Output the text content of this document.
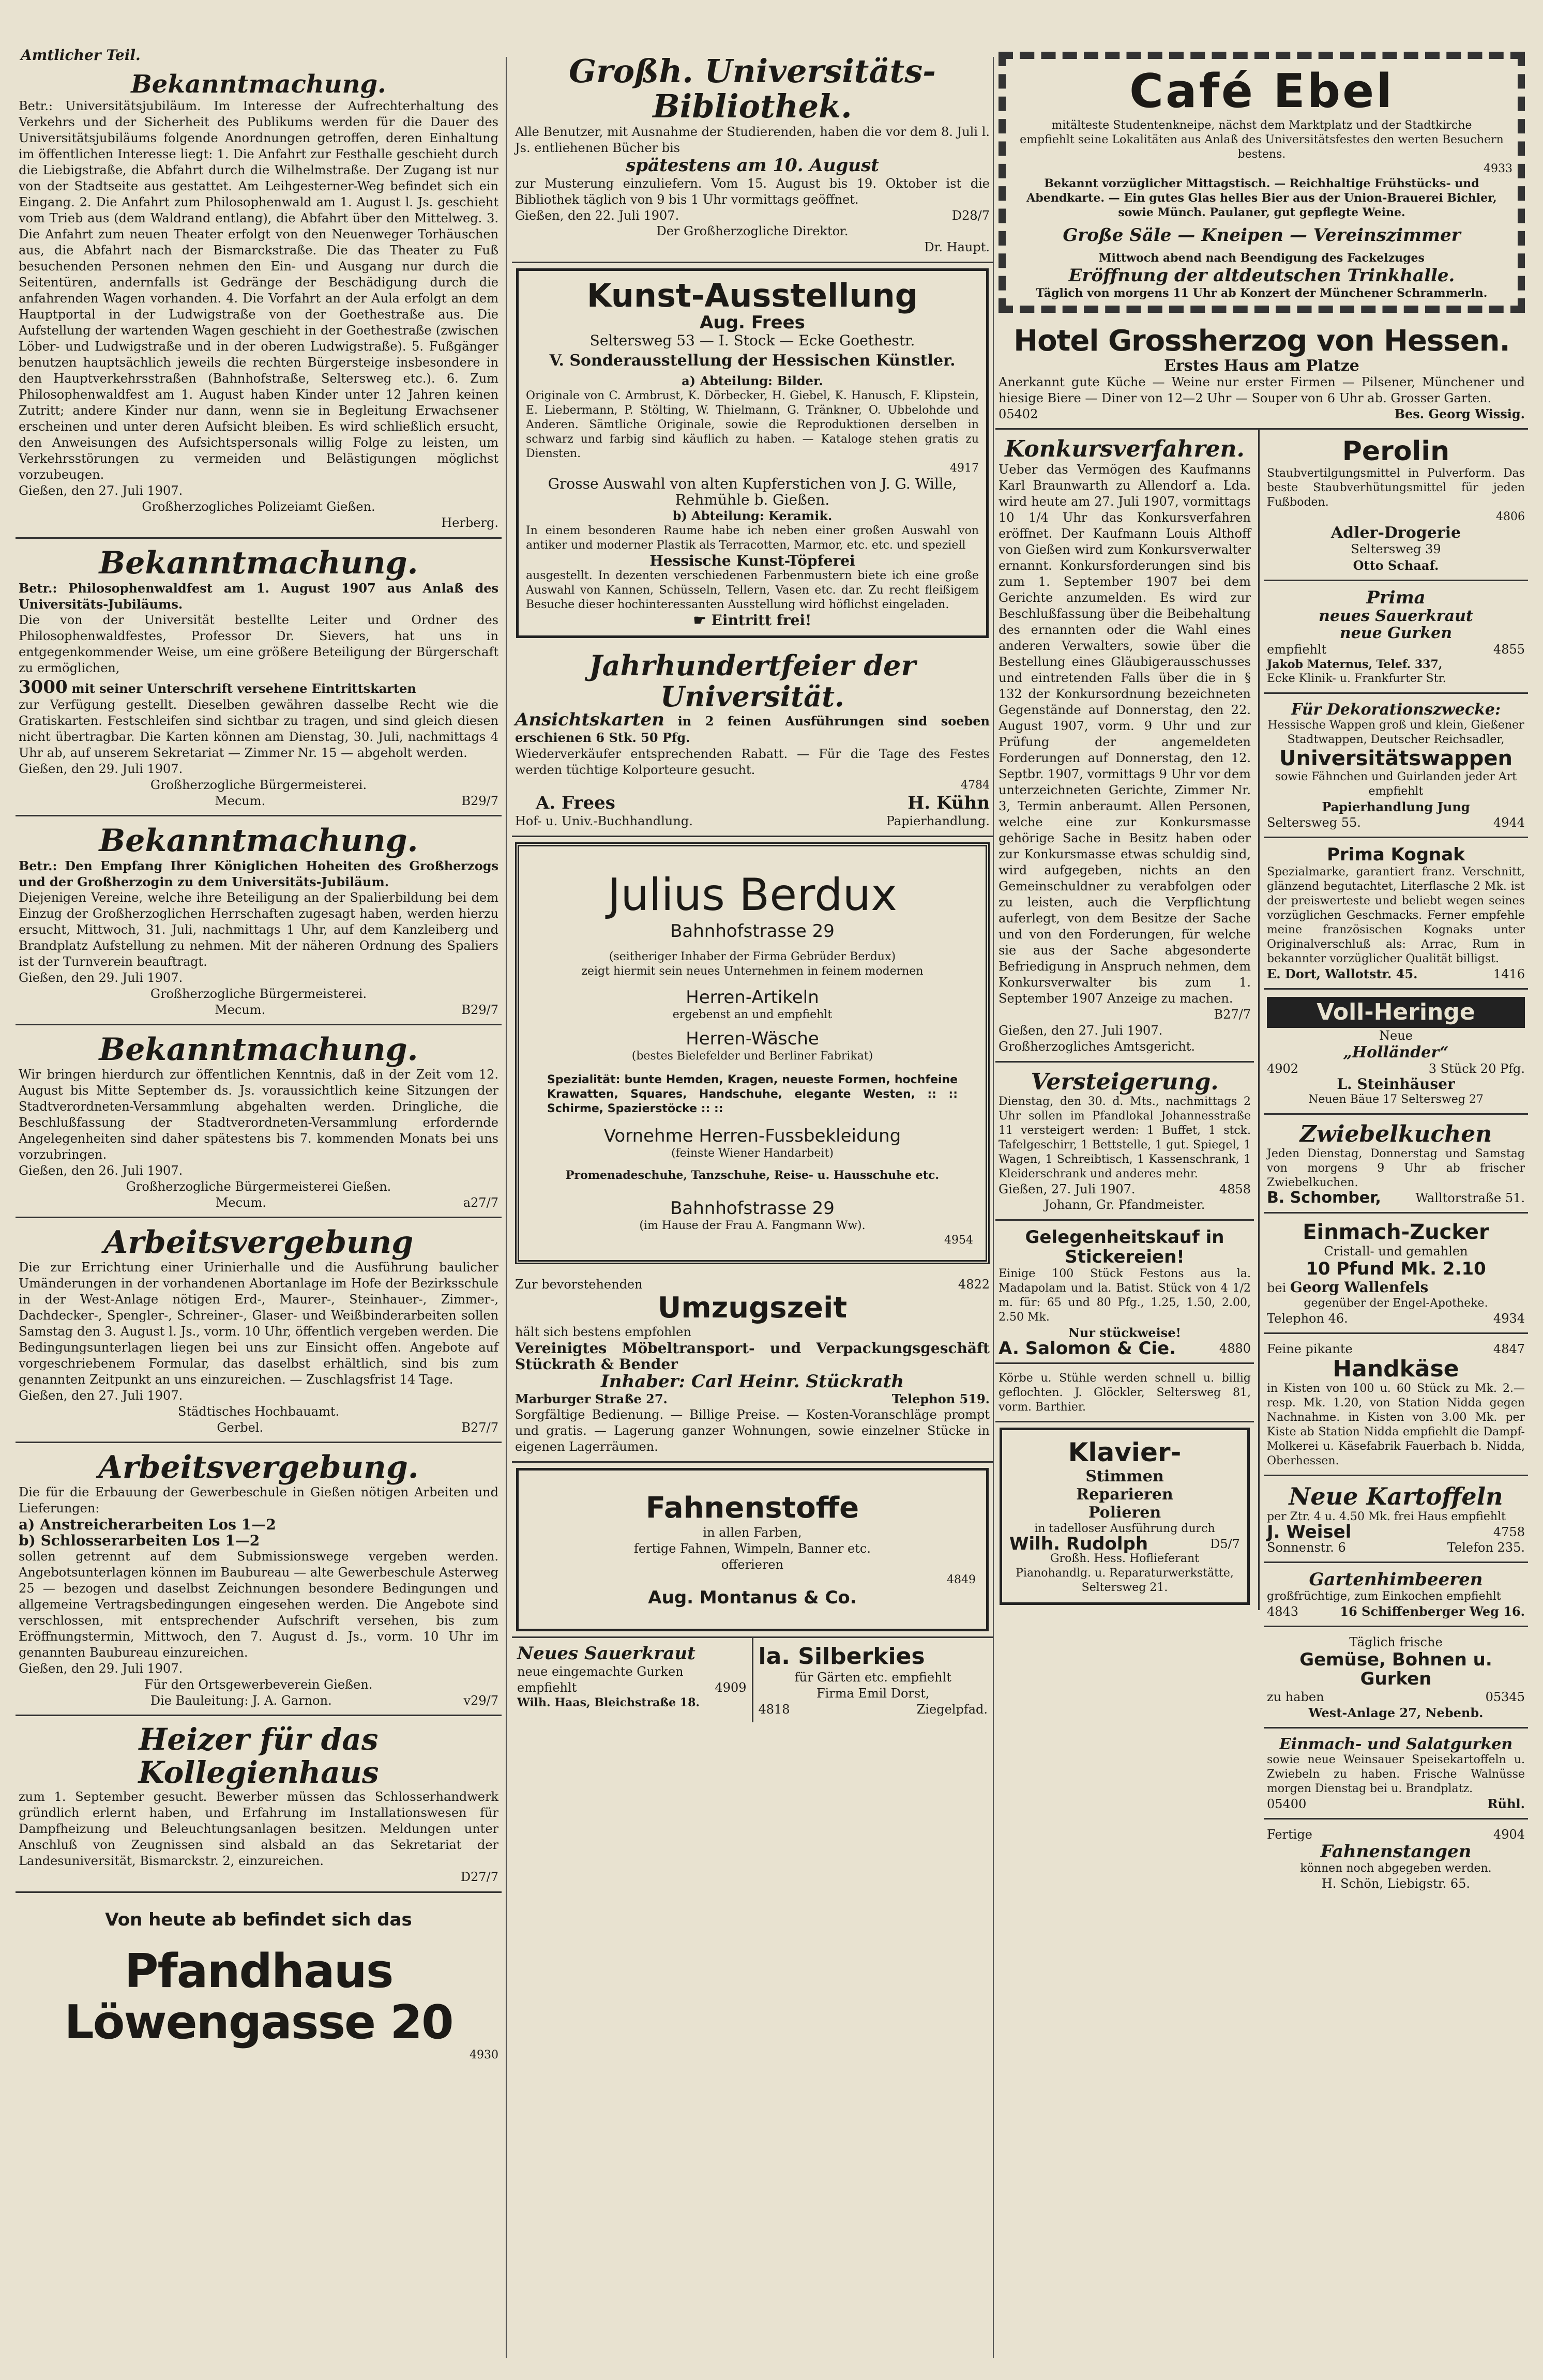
Amtlicher Teil.
Bekanntmachung.

Betr.: Universitätsjubiläum. Im Interesse der Aufrechterhaltung des Verkehrs und der Sicherheit des Publikums werden für die Dauer des Universitätsjubiläums folgende Anordnungen getroffen, deren Einhaltung im öffentlichen Interesse liegt: 1. Die Anfahrt zur Festhalle geschieht durch die Liebigstraße, die Abfahrt durch die Wilhelmstraße. Der Zugang ist nur von der Stadtseite aus gestattet. Am Leihgesterner-Weg befindet sich ein Eingang. 2. Die Anfahrt zum Philosophenwald am 1. August l. Js. geschieht vom Trieb aus (dem Waldrand entlang), die Abfahrt über den Mittelweg. 3. Die Anfahrt zum neuen Theater erfolgt von den Neuenweger Torhäuschen aus, die Abfahrt nach der Bismarckstraße. Die das Theater zu Fuß besuchenden Personen nehmen den Ein- und Ausgang nur durch die Seitentüren, andernfalls ist Gedränge der Beschädigung durch die anfahrenden Wagen vorhanden. 4. Die Vorfahrt an der Aula erfolgt an dem Hauptportal in der Ludwigstraße von der Goethestraße aus. Die Aufstellung der wartenden Wagen geschieht in der Goethestraße (zwischen Löber- und Ludwigstraße und in der oberen Ludwigstraße). 5. Fußgänger benutzen hauptsächlich jeweils die rechten Bürgersteige insbesondere in den Hauptverkehrsstraßen (Bahnhofstraße, Seltersweg etc.). 6. Zum Philosophenwaldfest am 1. August haben Kinder unter 12 Jahren keinen Zutritt; andere Kinder nur dann, wenn sie in Begleitung Erwachsener erscheinen und unter deren Aufsicht bleiben. Es wird schließlich ersucht, den Anweisungen des Aufsichtspersonals willig Folge zu leisten, um Verkehrsstörungen zu vermeiden und Belästigungen möglichst vorzubeugen.

Gießen, den 27. Juli 1907.

Großherzogliches Polizeiamt Gießen.

Herberg.

Bekanntmachung.

Betr.: Philosophenwaldfest am 1. August 1907 aus Anlaß des Universitäts-Jubiläums.

Die von der Universität bestellte Leiter und Ordner des Philosophenwaldfestes, Professor Dr. Sievers, hat uns in entgegenkommender Weise, um eine größere Beteiligung der Bürgerschaft zu ermöglichen,

3000 mit seiner Unterschrift versehene Eintrittskarten

zur Verfügung gestellt. Dieselben gewähren dasselbe Recht wie die Gratiskarten. Festschleifen sind sichtbar zu tragen, und sind gleich diesen nicht übertragbar. Die Karten können am Dienstag, 30. Juli, nachmittags 4 Uhr ab, auf unserem Sekretariat — Zimmer Nr. 15 — abgeholt werden.

Gießen, den 29. Juli 1907.

Großherzogliche Bürgermeisterei.

Mecum.	B29/7
Bekanntmachung.

Betr.: Den Empfang Ihrer Königlichen Hoheiten des Großherzogs und der Großherzogin zu dem Universitäts-Jubiläum.

Diejenigen Vereine, welche ihre Beteiligung an der Spalierbildung bei dem Einzug der Großherzoglichen Herrschaften zugesagt haben, werden hierzu ersucht, Mittwoch, 31. Juli, nachmittags 1 Uhr, auf dem Kanzleiberg und Brandplatz Aufstellung zu nehmen. Mit der näheren Ordnung des Spaliers ist der Turnverein beauftragt.

Gießen, den 29. Juli 1907.

Großherzogliche Bürgermeisterei.

Mecum.	B29/7
Bekanntmachung.

Wir bringen hierdurch zur öffentlichen Kenntnis, daß in der Zeit vom 12. August bis Mitte September ds. Js. voraussichtlich keine Sitzungen der Stadtverordneten-Versammlung abgehalten werden. Dringliche, die Beschlußfassung der Stadtverordneten-Versammlung erfordernde Angelegenheiten sind daher spätestens bis 7. kommenden Monats bei uns vorzubringen.

Gießen, den 26. Juli 1907.

Großherzogliche Bürgermeisterei Gießen.

Mecum.	a27/7
Arbeitsvergebung

Die zur Errichtung einer Urinierhalle und die Ausführung baulicher Umänderungen in der vorhandenen Abortanlage im Hofe der Bezirksschule in der West-Anlage nötigen Erd-, Maurer-, Steinhauer-, Zimmer-, Dachdecker-, Spengler-, Schreiner-, Glaser- und Weißbinderarbeiten sollen Samstag den 3. August l. Js., vorm. 10 Uhr, öffentlich vergeben werden. Die Bedingungsunterlagen liegen bei uns zur Einsicht offen. Angebote auf vorgeschriebenem Formular, das daselbst erhältlich, sind bis zum genannten Zeitpunkt an uns einzureichen. — Zuschlagsfrist 14 Tage.

Gießen, den 27. Juli 1907.

Städtisches Hochbauamt.

Gerbel.	B27/7
Arbeitsvergebung.

Die für die Erbauung der Gewerbeschule in Gießen nötigen Arbeiten und Lieferungen:

a) Anstreicherarbeiten Los 1—2

b) Schlosserarbeiten Los 1—2

sollen getrennt auf dem Submissionswege vergeben werden. Angebotsunterlagen können im Baubureau — alte Gewerbeschule Asterweg 25 — bezogen und daselbst Zeichnungen besondere Bedingungen und allgemeine Vertragsbedingungen eingesehen werden. Die Angebote sind verschlossen, mit entsprechender Aufschrift versehen, bis zum Eröffnungstermin, Mittwoch, den 7. August d. Js., vorm. 10 Uhr im genannten Baubureau einzureichen.

Gießen, den 29. Juli 1907.

Für den Ortsgewerbeverein Gießen.

Die Bauleitung: J. A. Garnon.	v29/7
Heizer für das Kollegienhaus

zum 1. September gesucht. Bewerber müssen das Schlosserhandwerk gründlich erlernt haben, und Erfahrung im Installationswesen für Dampfheizung und Beleuchtungsanlagen besitzen. Meldungen unter Anschluß von Zeugnissen sind alsbald an das Sekretariat der Landesuniversität, Bismarckstr. 2, einzureichen.

D27/7

Von heute ab befindet sich das
Pfandhaus Löwengasse 20

4930

Großh. Universitäts-Bibliothek.

Alle Benutzer, mit Ausnahme der Studierenden, haben die vor dem 8. Juli l. Js. entliehenen Bücher bis

spätestens am 10. August

zur Musterung einzuliefern. Vom 15. August bis 19. Oktober ist die Bibliothek täglich von 9 bis 1 Uhr vormittags geöffnet.

Gießen, den 22. Juli 1907.	D28/7

Der Großherzogliche Direktor.

Dr. Haupt.

Kunst-Ausstellung
Aug. Frees

Seltersweg 53 — I. Stock — Ecke Goethestr.

V. Sonderausstellung der Hessischen Künstler.

a) Abteilung: Bilder.

Originale von C. Armbrust, K. Dörbecker, H. Giebel, K. Hanusch, F. Klipstein, E. Liebermann, P. Stölting, W. Thielmann, G. Tränkner, O. Ubbelohde und Anderen. Sämtliche Originale, sowie die Reproduktionen derselben in schwarz und farbig sind käuflich zu haben. — Kataloge stehen gratis zu Diensten.

4917

Grosse Auswahl von alten Kupferstichen von J. G. Wille, Rehmühle b. Gießen.

b) Abteilung: Keramik.

In einem besonderen Raume habe ich neben einer großen Auswahl von antiker und moderner Plastik als Terracotten, Marmor, etc. etc. und speziell

Hessische Kunst-Töpferei

ausgestellt. In dezenten verschiedenen Farbenmustern biete ich eine große Auswahl von Kannen, Schüsseln, Tellern, Vasen etc. dar. Zu recht fleißigem Besuche dieser hochinteressanten Ausstellung wird höflichst eingeladen.

☛ Eintritt frei!

Jahrhundertfeier der Universität.

Ansichtskarten in 2 feinen Ausführungen sind soeben erschienen 6 Stk. 50 Pfg.

Wiederverkäufer entsprechenden Rabatt. — Für die Tage des Festes werden tüchtige Kolporteure gesucht.

4784

A. Frees
Hof- u. Univ.-Buchhandlung.
H. Kühn
Papierhandlung.
Julius Berdux
Bahnhofstrasse 29

(seitheriger Inhaber der Firma Gebrüder Berdux)

zeigt hiermit sein neues Unternehmen in feinem modernen

Herren-Artikeln

ergebenst an und empfiehlt

Herren-Wäsche

(bestes Bielefelder und Berliner Fabrikat)

Spezialität: bunte Hemden, Kragen, neueste Formen, hochfeine Krawatten, Squares, Handschuhe, elegante Westen, :: :: Schirme, Spazierstöcke :: ::

Vornehme Herren-Fussbekleidung

(feinste Wiener Handarbeit)

Promenadeschuhe, Tanzschuhe, Reise- u. Hausschuhe etc.

Bahnhofstrasse 29

(im Hause der Frau A. Fangmann Ww).

4954

Zur bevorstehenden	4822
Umzugszeit

hält sich bestens empfohlen

Vereinigtes Möbeltransport- und Verpackungsgeschäft Stückrath & Bender

Inhaber: Carl Heinr. Stückrath
Marburger Straße 27.	Telephon 519.

Sorgfältige Bedienung. — Billige Preise. — Kosten-Voranschläge prompt und gratis. — Lagerung ganzer Wohnungen, sowie einzelner Stücke in eigenen Lagerräumen.

Fahnenstoffe

in allen Farben,

fertige Fahnen, Wimpeln, Banner etc.

offerieren

4849

Aug. Montanus & Co.
Neues Sauerkraut

neue eingemachte Gurken

empfiehlt	4909

Wilh. Haas, Bleichstraße 18.

la. Silberkies

für Gärten etc. empfiehlt

Firma Emil Dorst,

4818	Ziegelpfad.
Café Ebel

mitälteste Studentenkneipe, nächst dem Marktplatz und der Stadtkirche

empfiehlt seine Lokalitäten aus Anlaß des Universitätsfestes den werten Besuchern bestens.

4933

Bekannt vorzüglicher Mittagstisch. — Reichhaltige Frühstücks- und Abendkarte. — Ein gutes Glas helles Bier aus der Union-Brauerei Bichler, sowie Münch. Paulaner, gut gepflegte Weine.

Große Säle — Kneipen — Vereinszimmer

Mittwoch abend nach Beendigung des Fackelzuges

Eröffnung der altdeutschen Trinkhalle.

Täglich von morgens 11 Uhr ab Konzert der Münchener Schrammerln.

Hotel Grossherzog von Hessen.
Erstes Haus am Platze

Anerkannt gute Küche — Weine nur erster Firmen — Pilsener, Münchener und hiesige Biere — Diner von 12—2 Uhr — Souper von 6 Uhr ab. Grosser Garten.

05402	Bes. Georg Wissig.
Konkursverfahren.

Ueber das Vermögen des Kaufmanns Karl Braunwarth zu Allendorf a. Lda. wird heute am 27. Juli 1907, vormittags 10 1/4 Uhr das Konkursverfahren eröffnet. Der Kaufmann Louis Althoff von Gießen wird zum Konkursverwalter ernannt. Konkursforderungen sind bis zum 1. September 1907 bei dem Gerichte anzumelden. Es wird zur Beschlußfassung über die Beibehaltung des ernannten oder die Wahl eines anderen Verwalters, sowie über die Bestellung eines Gläubigerausschusses und eintretenden Falls über die in § 132 der Konkursordnung bezeichneten Gegenstände auf Donnerstag, den 22. August 1907, vorm. 9 Uhr und zur Prüfung der angemeldeten Forderungen auf Donnerstag, den 12. Septbr. 1907, vormittags 9 Uhr vor dem unterzeichneten Gerichte, Zimmer Nr. 3, Termin anberaumt. Allen Personen, welche eine zur Konkursmasse gehörige Sache in Besitz haben oder zur Konkursmasse etwas schuldig sind, wird aufgegeben, nichts an den Gemeinschuldner zu verabfolgen oder zu leisten, auch die Verpflichtung auferlegt, von dem Besitze der Sache und von den Forderungen, für welche sie aus der Sache abgesonderte Befriedigung in Anspruch nehmen, dem Konkursverwalter bis zum 1. September 1907 Anzeige zu machen.

B27/7

Gießen, den 27. Juli 1907.

Großherzogliches Amtsgericht.

Versteigerung.

Dienstag, den 30. d. Mts., nachmittags 2 Uhr sollen im Pfandlokal Johannesstraße 11 versteigert werden: 1 Buffet, 1 stck. Tafelgeschirr, 1 Bettstelle, 1 gut. Spiegel, 1 Wagen, 1 Schreibtisch, 1 Kassenschrank, 1 Kleiderschrank und anderes mehr.

Gießen, 27. Juli 1907.	4858

Johann, Gr. Pfandmeister.

Gelegenheitskauf in Stickereien!

Einige 100 Stück Festons aus la. Madapolam und la. Batist. Stück von 4 1/2 m. für: 65 und 80 Pfg., 1.25, 1.50, 2.00, 2.50 Mk.

Nur stückweise!

A. Salomon & Cie.	4880

Körbe u. Stühle werden schnell u. billig geflochten. J. Glöckler, Seltersweg 81, vorm. Barthier.

Klavier-
Stimmen
Reparieren
Polieren

in tadelloser Ausführung durch

Wilh. Rudolph	D5/7

Großh. Hess. Hoflieferant

Pianohandlg. u. Reparaturwerkstätte, Seltersweg 21.

Perolin

Staubvertilgungsmittel in Pulverform. Das beste Staubverhütungsmittel für jeden Fußboden.

4806

Adler-Drogerie

Seltersweg 39

Otto Schaaf.

Prima
neues Sauerkraut
neue Gurken
empfiehlt	4855

Jakob Maternus, Telef. 337,

Ecke Klinik- u. Frankfurter Str.

Für Dekorationszwecke:

Hessische Wappen groß und klein, Gießener Stadtwappen, Deutscher Reichsadler,

Universitätswappen

sowie Fähnchen und Guirlanden jeder Art empfiehlt

Papierhandlung Jung

Seltersweg 55.	4944
Prima Kognak

Spezialmarke, garantiert franz. Verschnitt, glänzend begutachtet, Literflasche 2 Mk. ist der preiswerteste und beliebt wegen seines vorzüglichen Geschmacks. Ferner empfehle meine französischen Kognaks unter Originalverschluß als: Arrac, Rum in bekannter vorzüglicher Qualität billigst.

E. Dort, Wallotstr. 45.	1416
Voll-Heringe

Neue

„Holländer“
4902	3 Stück 20 Pfg.
L. Steinhäuser

Neuen Bäue 17 Seltersweg 27

Zwiebelkuchen

Jeden Dienstag, Donnerstag und Samstag von morgens 9 Uhr ab frischer Zwiebelkuchen.

B. Schomber,	Walltorstraße 51.
Einmach-Zucker

Cristall- und gemahlen

10 Pfund Mk. 2.10

bei Georg Wallenfels

gegenüber der Engel-Apotheke.

Telephon 46.	4934
Feine pikante	4847
Handkäse

in Kisten von 100 u. 60 Stück zu Mk. 2.— resp. Mk. 1.20, von Station Nidda gegen Nachnahme. in Kisten von 3.00 Mk. per Kiste ab Station Nidda empfiehlt die Dampf-Molkerei u. Käsefabrik Fauerbach b. Nidda, Oberhessen.

Neue Kartoffeln

per Ztr. 4 u. 4.50 Mk. frei Haus empfiehlt

J. Weisel	4758
Sonnenstr. 6	Telefon 235.
Gartenhimbeeren

großfrüchtige, zum Einkochen empfiehlt

4843	16 Schiffenberger Weg 16.

Täglich frische

Gemüse, Bohnen u. Gurken
zu haben	05345

West-Anlage 27, Nebenb.

Einmach- und Salatgurken

sowie neue Weinsauer Speisekartoffeln u. Zwiebeln zu haben. Frische Walnüsse morgen Dienstag bei u. Brandplatz.

05400	Rühl.
Fertige	4904
Fahnenstangen

können noch abgegeben werden.

H. Schön, Liebigstr. 65.
